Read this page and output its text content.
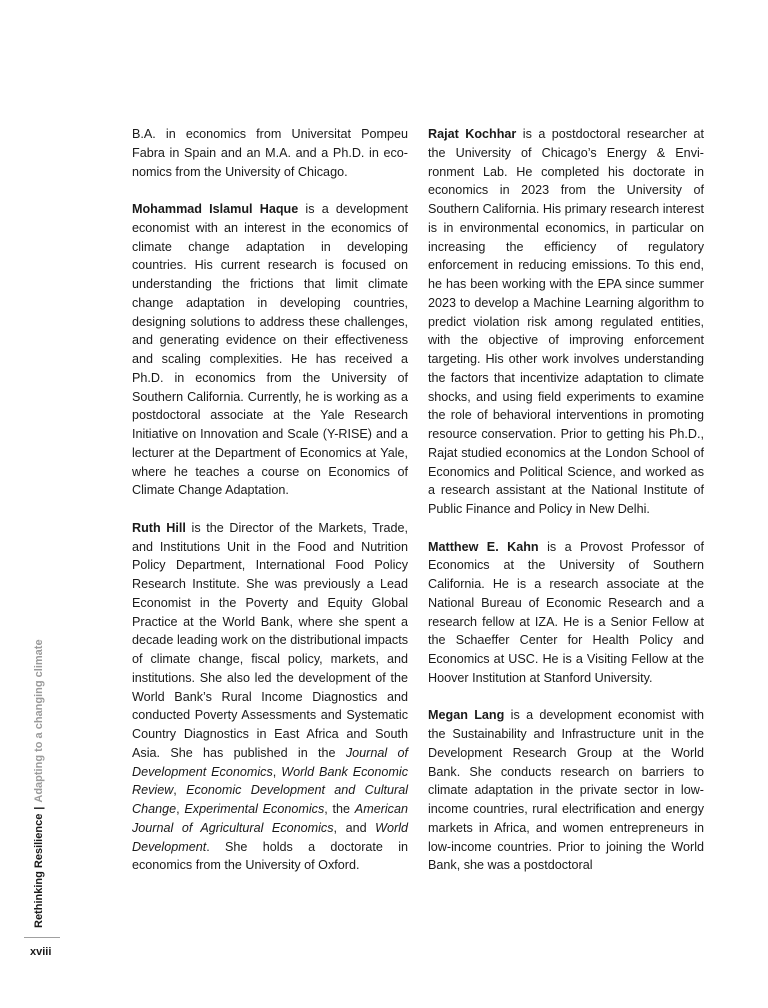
Rethinking Resilience|Adapting to a changing climate
xviii

B.A. in economics from Universitat Pompeu Fabra in Spain and an M.A. and a Ph.D. in economics from the University of Chicago.

Mohammad Islamul Haque is a development economist with an interest in the economics of climate change adaptation in developing countries. His current research is focused on understanding the frictions that limit climate change adaptation in developing countries, designing solutions to address these challenges, and generating evidence on their effectiveness and scaling complexities. He has received a Ph.D. in economics from the University of Southern California. Currently, he is working as a postdoctoral associate at the Yale Research Initiative on Innovation and Scale (Y-RISE) and a lecturer at the Department of Economics at Yale, where he teaches a course on Economics of Climate Change Adaptation.

Ruth Hill is the Director of the Markets, Trade, and Institutions Unit in the Food and Nutrition Policy Department, International Food Policy Research Institute. She was previously a Lead Economist in the Poverty and Equity Global Practice at the World Bank, where she spent a decade leading work on the distributional impacts of climate change, fiscal policy, markets, and institutions. She also led the development of the World Bank’s Rural Income Diagnostics and conducted Poverty Assessments and Systematic Country Diagnostics in East Africa and South Asia. She has published in the Journal of Development Economics, World Bank Economic Review, Economic Development and Cultural Change, Experimental Economics, the American Journal of Agricultural Economics, and World Development. She holds a doctorate in economics from the University of Oxford.

Rajat Kochhar is a postdoctoral researcher at the University of Chicago’s Energy & Environment Lab. He completed his doctorate in economics in 2023 from the University of Southern California. His primary research interest is in environmental economics, in particular on increasing the efficiency of regulatory enforcement in reducing emissions. To this end, he has been working with the EPA since summer 2023 to develop a Machine Learning algorithm to predict violation risk among regulated entities, with the objective of improving enforcement targeting. His other work involves understanding the factors that incentivize adaptation to climate shocks, and using field experiments to examine the role of behavioral interventions in promoting resource conservation. Prior to getting his Ph.D., Rajat studied economics at the London School of Economics and Political Science, and worked as a research assistant at the National Institute of Public Finance and Policy in New Delhi.

Matthew E. Kahn is a Provost Professor of Economics at the University of Southern California. He is a research associate at the National Bureau of Economic Research and a research fellow at IZA. He is a Senior Fellow at the Schaeffer Center for Health Policy and Economics at USC. He is a Visiting Fellow at the Hoover Institution at Stanford University.

Megan Lang is a development economist with the Sustainability and Infrastructure unit in the Development Research Group at the World Bank. She conducts research on barriers to climate adaptation in the private sector in low-income countries, rural electrification and energy markets in Africa, and women entrepreneurs in low-income countries. Prior to joining the World Bank, she was a postdoctoral
